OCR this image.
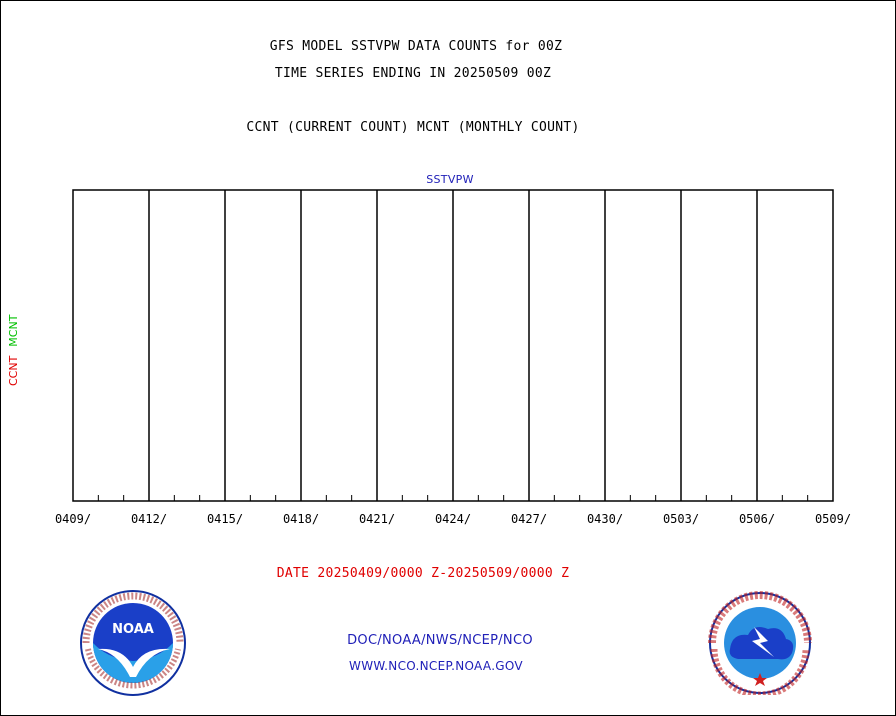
GFS MODEL SSTVPW DATA COUNTS for 00Z
TIME SERIES ENDING IN 20250509 00Z
CCNT (CURRENT COUNT) MCNT (MONTHLY COUNT)
SSTVPW
CCNTMCNT
0409/	0412/	0415/	0418/	0421/	0424/	0427/	0430/	0503/	0506/	0509/
DATE 20250409/0000 Z-20250509/0000 Z
NOAA
DOC/NOAA/NWS/NCEP/NCO
WWW.NCO.NCEP.NOAA.GOV
